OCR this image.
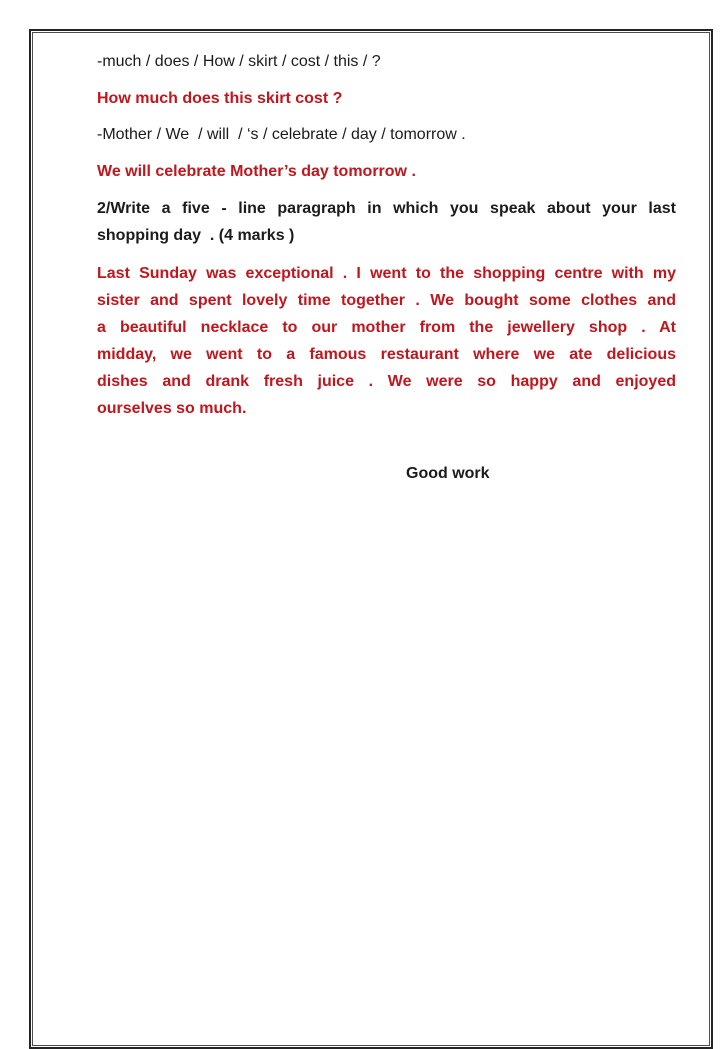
-much / does / How / skirt / cost / this / ?
How much does this skirt cost ?
-Mother / We  / will  / ‘s / celebrate / day / tomorrow .
We will celebrate Mother’s day tomorrow .
2/Write a five - line paragraph in which you speak about your last
shopping day  . (4 marks )
Last Sunday was exceptional . I went to the shopping centre with my
sister and spent lovely time together . We bought some clothes and
a beautiful necklace to our mother from the jewellery shop . At
midday, we went to a famous restaurant where we ate delicious
dishes and drank fresh juice . We were so happy and enjoyed
ourselves so much.
Good work
